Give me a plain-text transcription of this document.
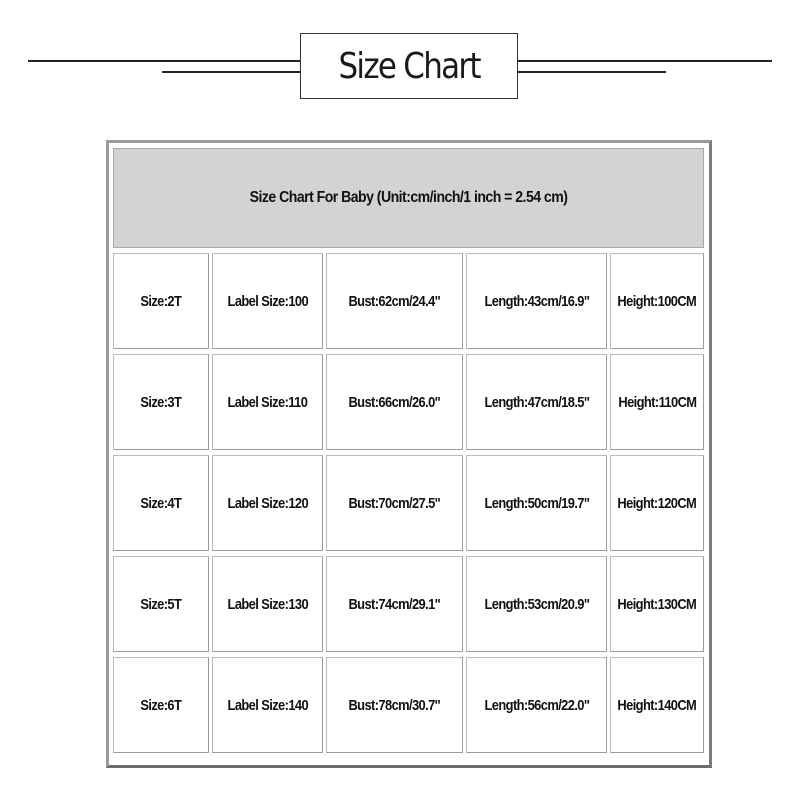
Size Chart
Size Chart For Baby (Unit:cm/inch/1 inch = 2.54 cm)
Size:2T	Label Size:100	Bust:62cm/24.4"	Length:43cm/16.9" Height:100CM
Size:3T	Label Size:110	Bust:66cm/26.0"	Length:47cm/18.5" Height:110CM
Size:4T	Label Size:120	Bust:70cm/27.5"	Length:50cm/19.7" Height:120CM
Size:5T	Label Size:130	Bust:74cm/29.1"	Length:53cm/20.9" Height:130CM
Size:6T	Label Size:140	Bust:78cm/30.7"	Length:56cm/22.0" Height:140CM
